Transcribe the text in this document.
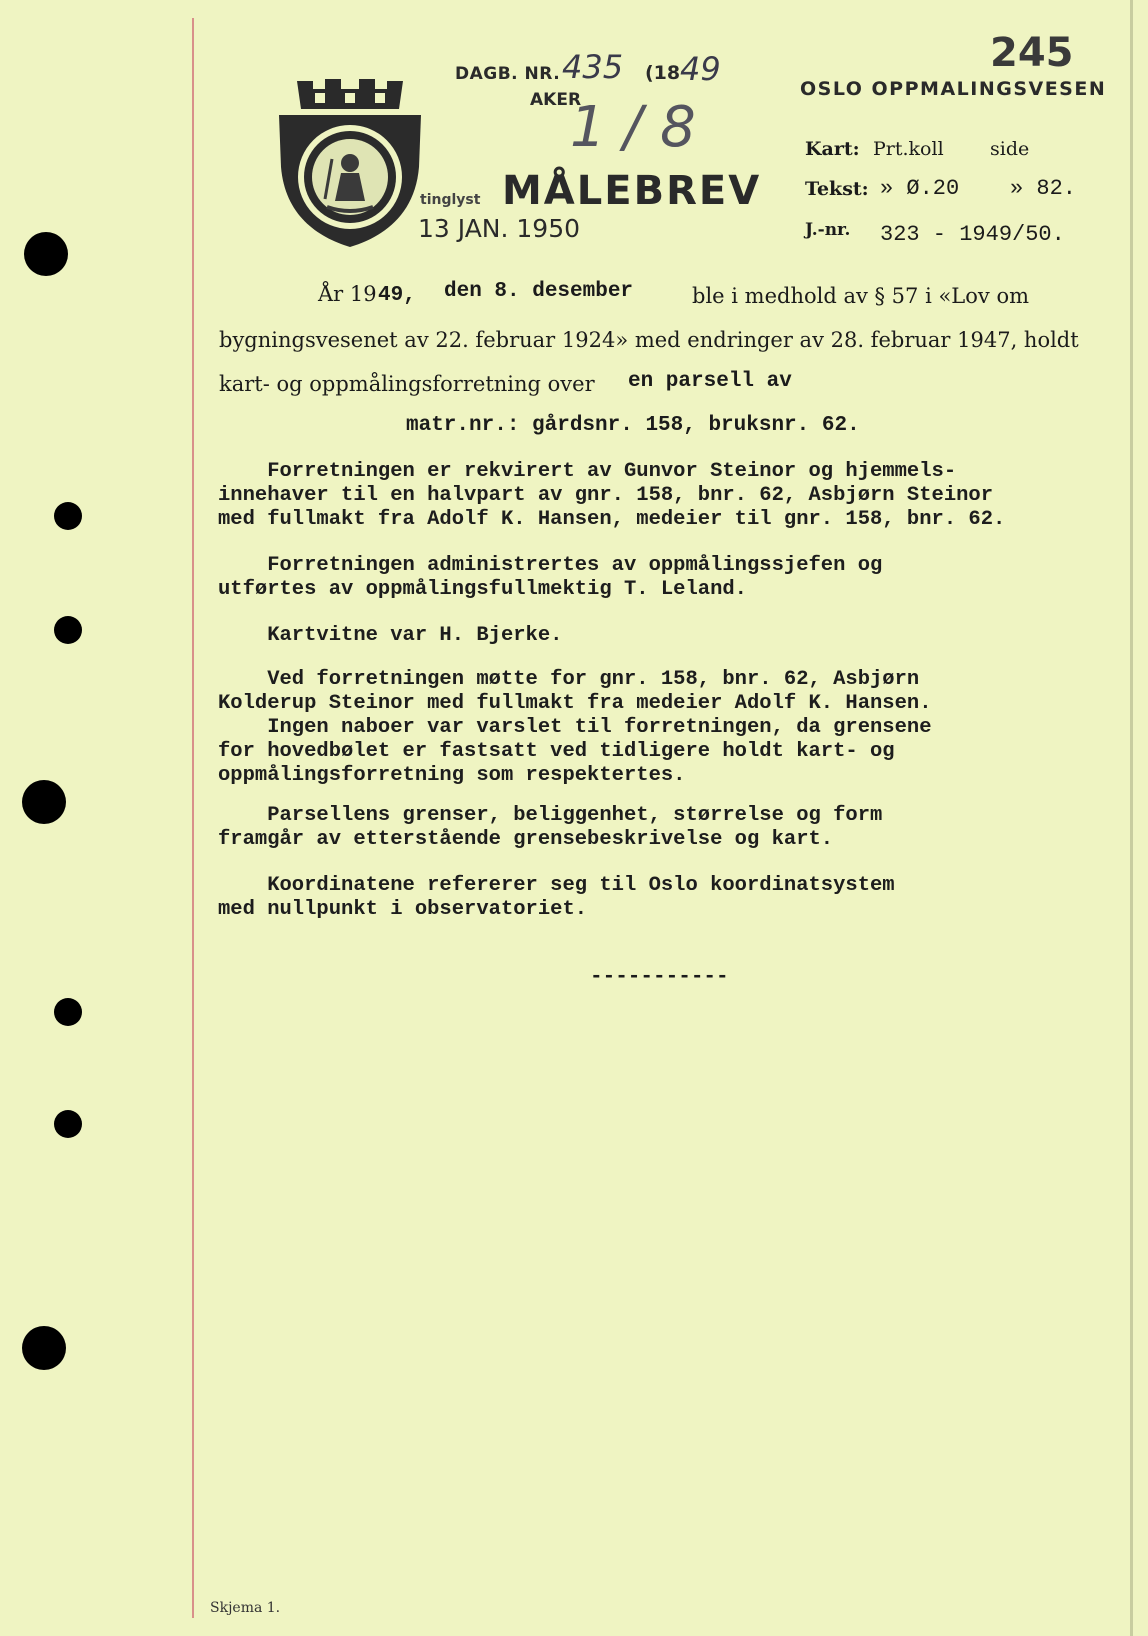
DAGB. NR. 435 (18 49
AKER
1 / 8
245
OSLO OPPMALINGSVESEN
tinglyst MÅLEBREV
13 JAN. 1950
Kart: Prt.koll side
Tekst: » Ø.20 » 82.
J.-nr. 323 - 1949/50.
År 19 49, den 8. desember	ble i medhold av § 57 i «Lov om
bygningsvesenet av 22. februar 1924» med endringer av 28. februar 1947, holdt
kart- og oppmålingsforretning over en parsell av
matr.nr.: gårdsnr. 158, bruksnr. 62.
Forretningen er rekvirert av Gunvor Steinor og hjemmels-
innehaver til en halvpart av gnr. 158, bnr. 62, Asbjørn Steinor
med fullmakt fra Adolf K. Hansen, medeier til gnr. 158, bnr. 62.
Forretningen administrertes av oppmålingssjefen og
utførtes av oppmålingsfullmektig T. Leland.
Kartvitne var H. Bjerke.
Ved forretningen møtte for gnr. 158, bnr. 62, Asbjørn
Kolderup Steinor med fullmakt fra medeier Adolf K. Hansen.
Ingen naboer var varslet til forretningen, da grensene
for hovedbølet er fastsatt ved tidligere holdt kart- og
oppmålingsforretning som respektertes.
Parsellens grenser, beliggenhet, størrelse og form
framgår av etterstående grensebeskrivelse og kart.
Koordinatene refererer seg til Oslo koordinatsystem
med nullpunkt i observatoriet.
-----------
Skjema 1.
